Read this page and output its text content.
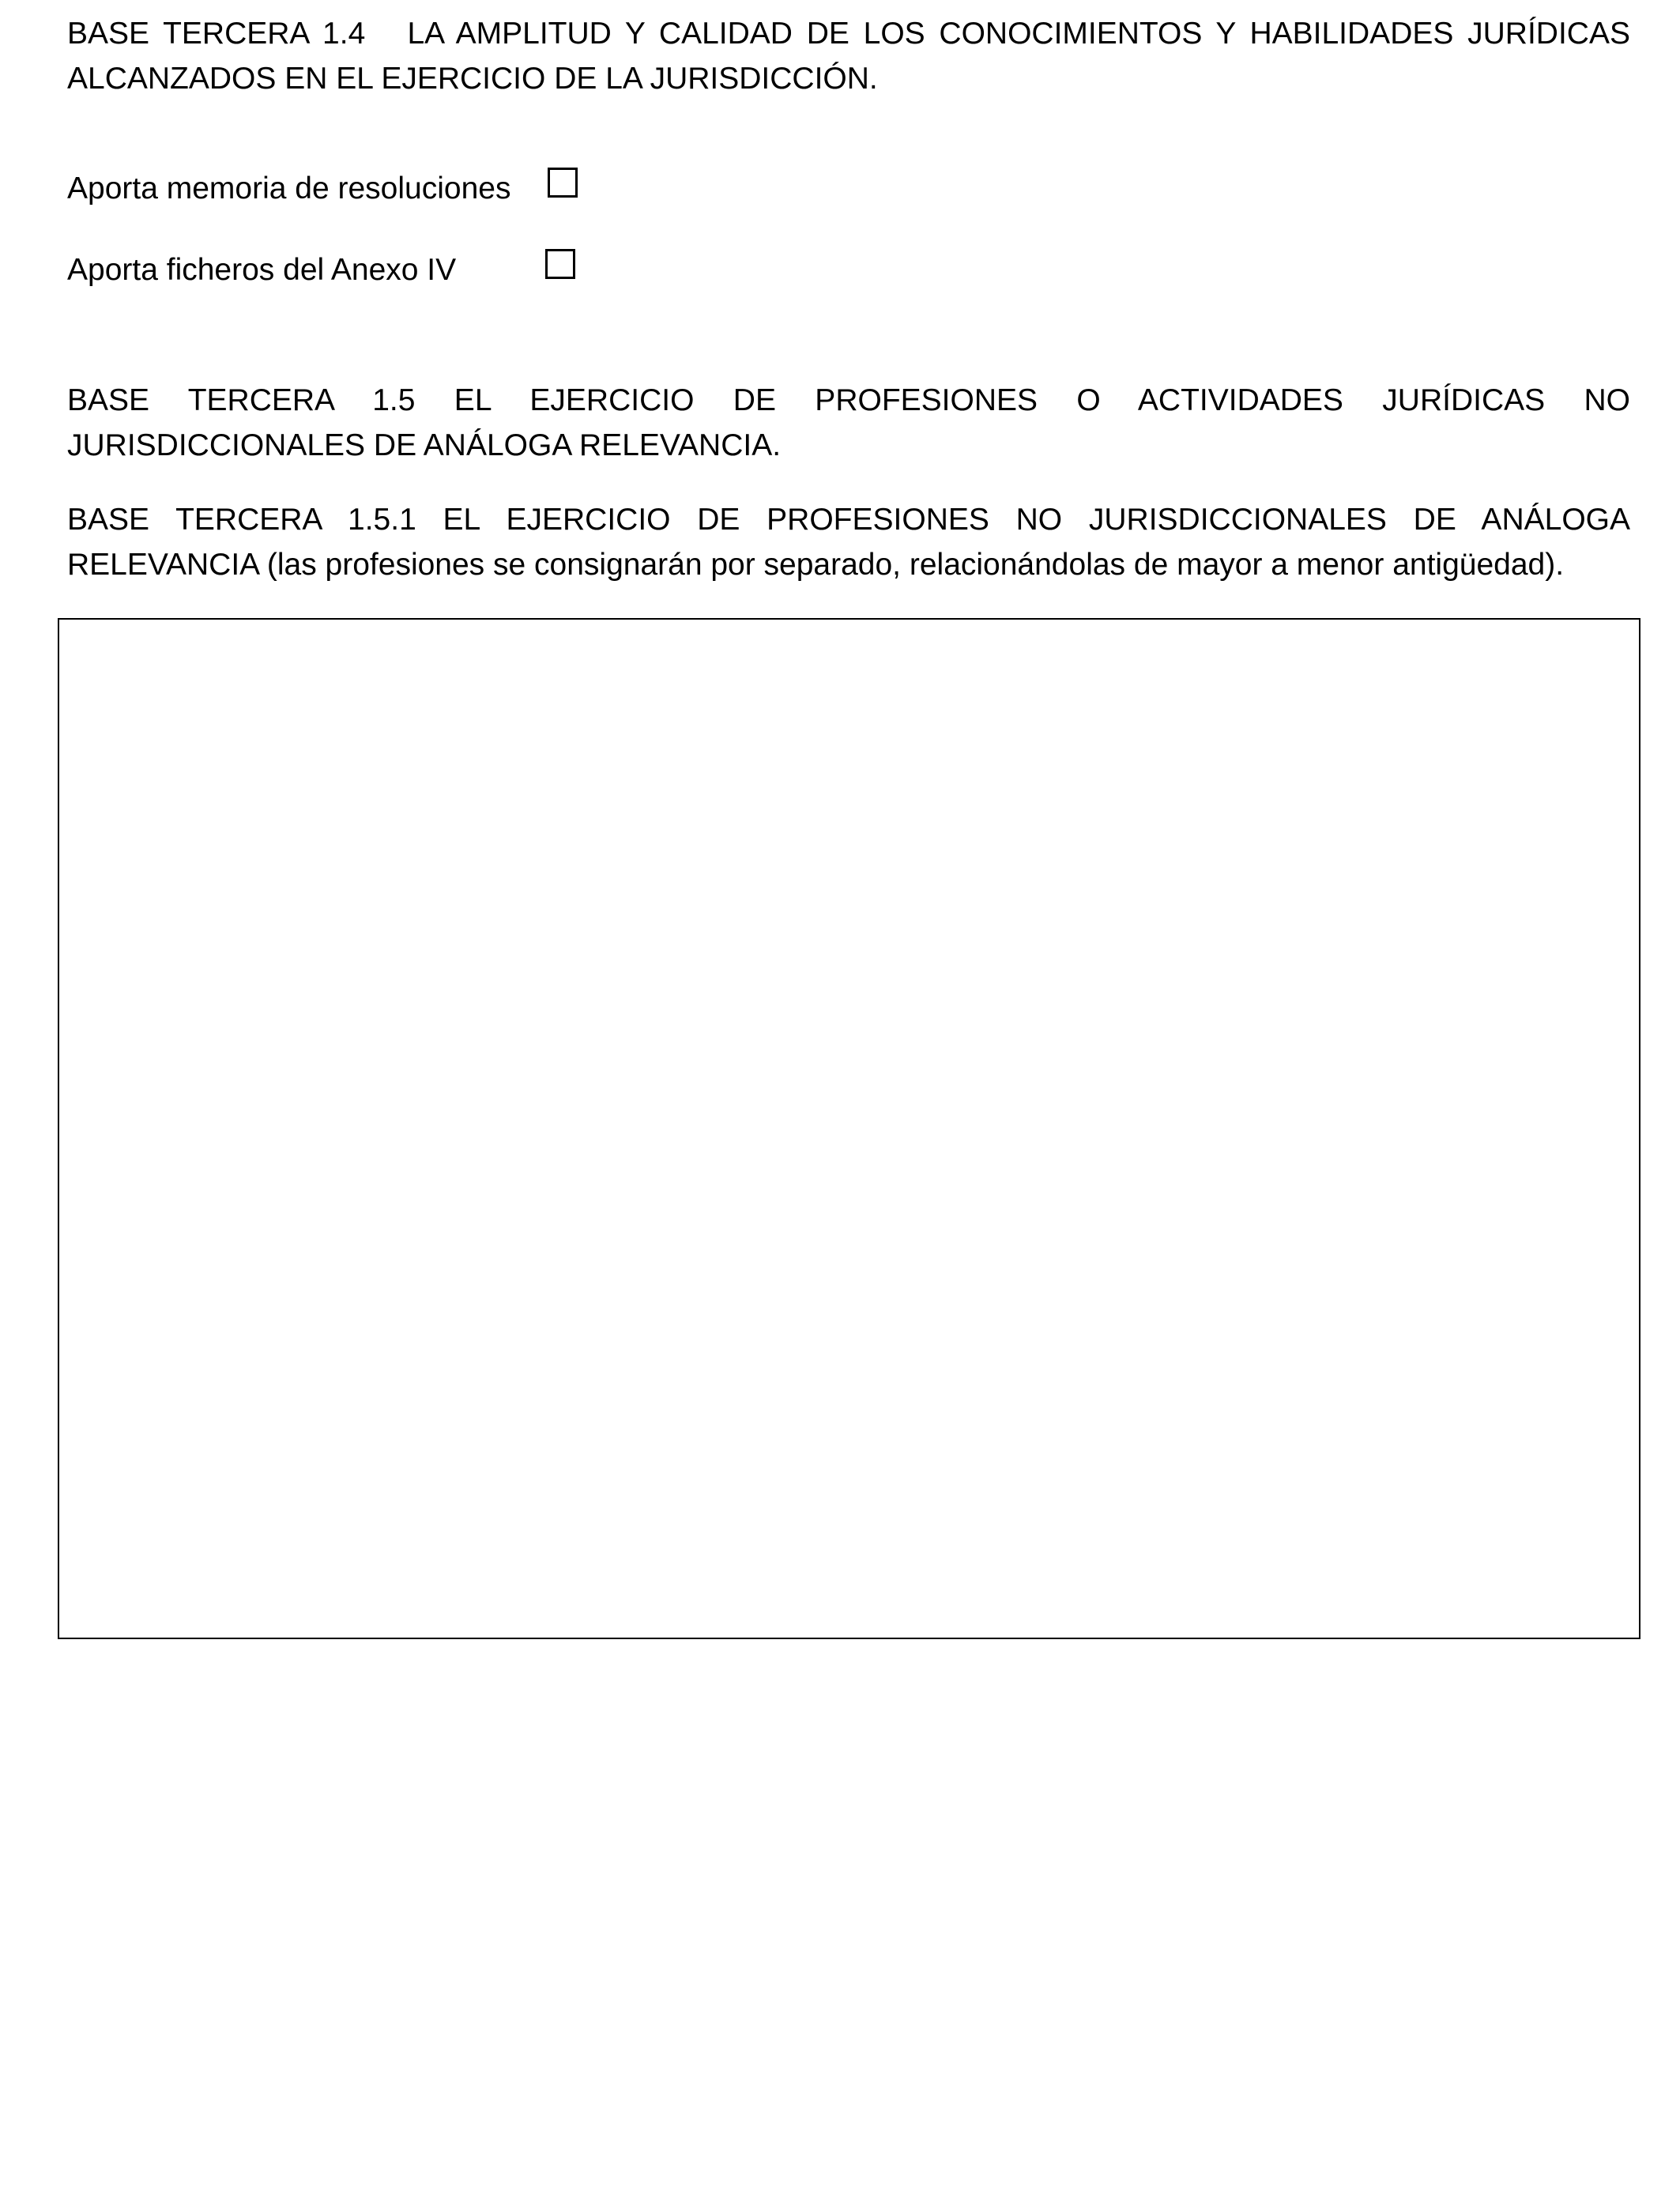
BASE TERCERA 1.4   LA AMPLITUD Y CALIDAD DE LOS CONOCIMIENTOS Y HABILIDADES JURÍDICAS ALCANZADOS EN EL EJERCICIO DE LA JURISDICCIÓN.

Aporta memoria de resoluciones
Aporta ficheros del Anexo IV

BASE TERCERA 1.5 EL EJERCICIO DE PROFESIONES O ACTIVIDADES JURÍDICAS NO JURISDICCIONALES DE ANÁLOGA RELEVANCIA.

BASE TERCERA 1.5.1 EL EJERCICIO DE PROFESIONES NO JURISDICCIONALES DE ANÁLOGA RELEVANCIA (las profesiones se consignarán por separado, relacionándolas de mayor a menor antigüedad).
